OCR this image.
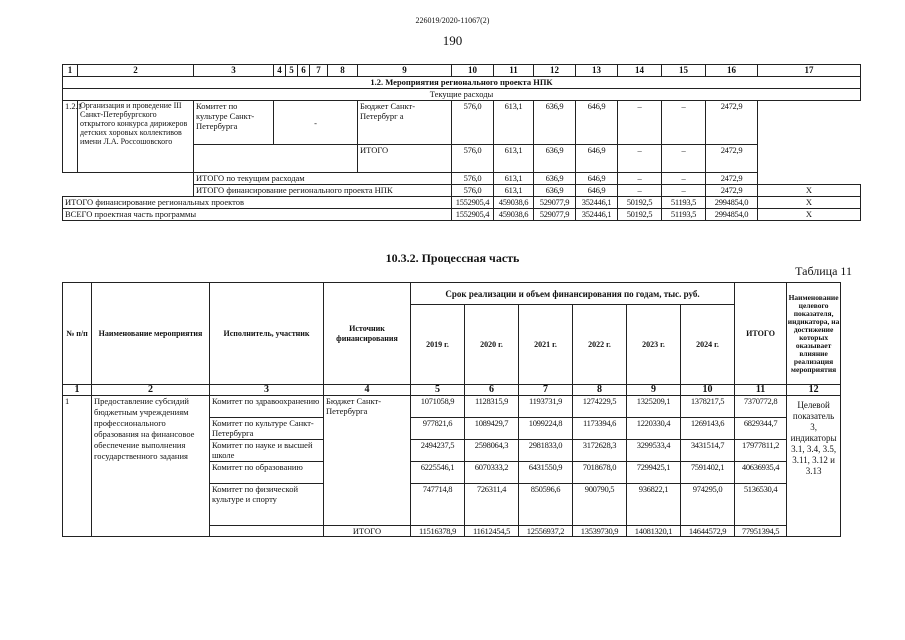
226019/2020-11067(2)
190
1	2	3	4	5	6	7	8	9	10	11	12	13	14	15	16	17
1.2. Мероприятия регионального проекта НПК																
Текущие расходы																
1.2.1	Организация и проведение III Санкт-Петербургского открытого конкурса дирижеров детских хоровых коллективов имени Л.А. Россошовского	Комитет по культуре Санкт-Петербурга	-					Бюджет Санкт-Петербург а	576,0	613,1	636,9	646,9	–	–	2472,9	
								ИТОГО	576,0	613,1	636,9	646,9	–	–	2472,9	
		ИТОГО по текущим расходам							576,0	613,1	636,9	646,9	–	–	2472,9	
		ИТОГО финансирование регионального проекта НПК							576,0	613,1	636,9	646,9	–	–	2472,9	X
ИТОГО финансирование региональных проектов									1552905,4	459038,6	529077,9	352446,1	50192,5	51193,5	2994854,0	X
ВСЕГО проектная часть программы									1552905,4	459038,6	529077,9	352446,1	50192,5	51193,5	2994854,0	X
10.3.2. Процессная часть
Таблица 11
№ п/п	Наименование мероприятия	Исполнитель, участник	Источник финансирования	Срок реализации и объем финансирования по годам, тыс. руб.						ИТОГО	Наименование целевого показателя, индикатора, на достижение которых оказывает влияние реализация мероприятия
				2019 г.	2020 г.	2021 г.	2022 г.	2023 г.	2024 г.		
1	2	3	4	5	6	7	8	9	10	11	12
1	Предоставление субсидий бюджетным учреждениям профессионального образования на финансовое обеспечение выполнения государственного задания	Комитет по здравоохранению	Бюджет Санкт-Петербурга	1071058,9	1128315,9	1193731,9	1274229,5	1325209,1	1378217,5	7370772,8	Целевой показатель 3, индикаторы 3.1, 3.4, 3.5, 3.11, 3.12 и 3.13
		Комитет по культуре Санкт-Петербурга		977821,6	1089429,7	1099224,8	1173394,6	1220330,4	1269143,6	6829344,7	
		Комитет по науке и высшей школе		2494237,5	2598064,3	2981833,0	3172628,3	3299533,4	3431514,7	17977811,2	
		Комитет по образованию		6225546,1	6070333,2	6431550,9	7018678,0	7299425,1	7591402,1	40636935,4	
		Комитет по физической культуре и спорту		747714,8	726311,4	850596,6	900790,5	936822,1	974295,0	5136530,4	
			ИТОГО	11516378,9	11612454,5	12556937,2	13539730,9	14081320,1	14644572,9	77951394,5	
